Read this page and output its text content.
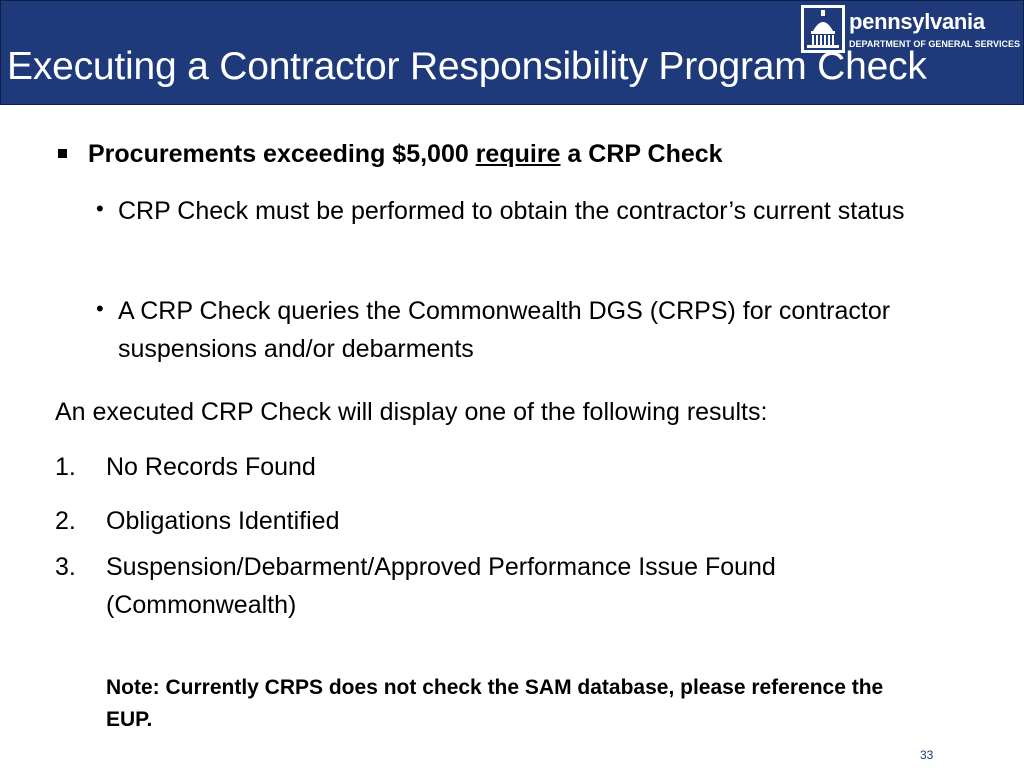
pennsylvania
DEPARTMENT OF GENERAL SERVICES
Executing a Contractor Responsibility Program Check
Procurements exceeding $5,000 require a CRP Check
• CRP Check must be performed to obtain the contractor’s current status
• A CRP Check queries the Commonwealth DGS (CRPS) for contractor suspensions and/or debarments
An executed CRP Check will display one of the following results:
1. No Records Found
2. Obligations Identified
3. Suspension/Debarment/Approved Performance Issue Found (Commonwealth)
Note: Currently CRPS does not check the SAM database, please reference the EUP.
33
